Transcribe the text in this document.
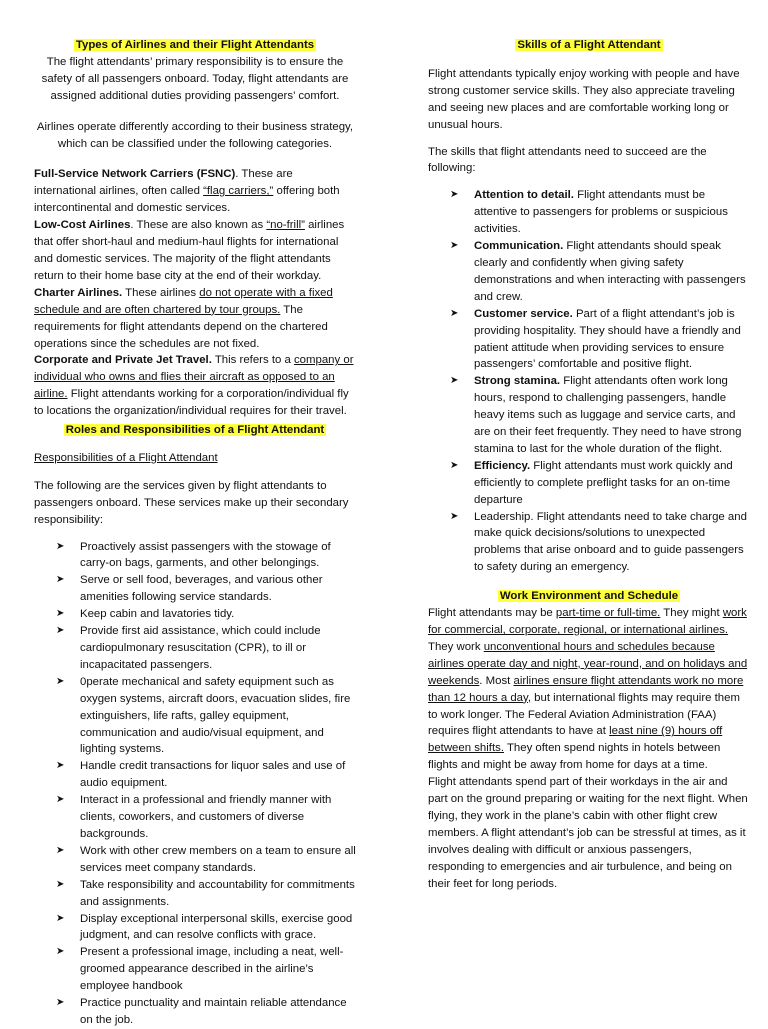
Types of Airlines and their Flight Attendants

The flight attendants’ primary responsibility is to ensure the safety of all passengers onboard. Today, flight attendants are assigned additional duties providing passengers’ comfort.

Airlines operate differently according to their business strategy, which can be classified under the following categories.

Full-Service Network Carriers (FSNC). These are international airlines, often called “flag carriers,” offering both intercontinental and domestic services.

Low-Cost Airlines. These are also known as “no-frill” airlines that offer short-haul and medium-haul flights for international and domestic services. The majority of the flight attendants return to their home base city at the end of their workday.

Charter Airlines. These airlines do not operate with a fixed schedule and are often chartered by tour groups. The requirements for flight attendants depend on the chartered operations since the schedules are not fixed.

Corporate and Private Jet Travel. This refers to a company or individual who owns and flies their aircraft as opposed to an airline. Flight attendants working for a corporation/individual fly to locations the organization/individual requires for their travel.

Roles and Responsibilities of a Flight Attendant

Responsibilities of a Flight Attendant

The following are the services given by flight attendants to passengers onboard. These services make up their secondary responsibility:

➤ Proactively assist passengers with the stowage of carry-on bags, garments, and other belongings.
➤ Serve or sell food, beverages, and various other amenities following service standards.
➤ Keep cabin and lavatories tidy.
➤ Provide first aid assistance, which could include cardiopulmonary resuscitation (CPR), to ill or incapacitated passengers.
➤ 0perate mechanical and safety equipment such as oxygen systems, aircraft doors, evacuation slides, fire extinguishers, life rafts, galley equipment, communication and audio/visual equipment, and lighting systems.
➤ Handle credit transactions for liquor sales and use of audio equipment.
➤ Interact in a professional and friendly manner with clients, coworkers, and customers of diverse backgrounds.
➤ Work with other crew members on a team to ensure all services meet company standards.
➤ Take responsibility and accountability for commitments and assignments.
➤ Display exceptional interpersonal skills, exercise good judgment, and can resolve conflicts with grace.
➤ Present a professional image, including a neat, well-groomed appearance described in the airline’s employee handbook
➤ Practice punctuality and maintain reliable attendance on the job.

Skills of a Flight Attendant

Flight attendants typically enjoy working with people and have strong customer service skills. They also appreciate traveling and seeing new places and are comfortable working long or unusual hours.

The skills that flight attendants need to succeed are the following:

➤ Attention to detail. Flight attendants must be attentive to passengers for problems or suspicious activities.
➤ Communication. Flight attendants should speak clearly and confidently when giving safety demonstrations and when interacting with passengers and crew.
➤ Customer service. Part of a flight attendant’s job is providing hospitality. They should have a friendly and patient attitude when providing services to ensure passengers’ comfortable and positive flight.
➤ Strong stamina. Flight attendants often work long hours, respond to challenging passengers, handle heavy items such as luggage and service carts, and are on their feet frequently. They need to have strong stamina to last for the whole duration of the flight.
➤ Efficiency. Flight attendants must work quickly and efficiently to complete preflight tasks for an on-time departure
➤ Leadership. Flight attendants need to take charge and make quick decisions/solutions to unexpected problems that arise onboard and to guide passengers to safety during an emergency.

Work Environment and Schedule

Flight attendants may be part-time or full-time. They might work for commercial, corporate, regional, or international airlines. They work unconventional hours and schedules because airlines operate day and night, year-round, and on holidays and weekends. Most airlines ensure flight attendants work no more than 12 hours a day, but international flights may require them to work longer. The Federal Aviation Administration (FAA) requires flight attendants to have at least nine (9) hours off between shifts. They often spend nights in hotels between flights and might be away from home for days at a time.

Flight attendants spend part of their workdays in the air and part on the ground preparing or waiting for the next flight. When flying, they work in the plane’s cabin with other flight crew members. A flight attendant’s job can be stressful at times, as it involves dealing with difficult or anxious passengers, responding to emergencies and air turbulence, and being on their feet for long periods.
